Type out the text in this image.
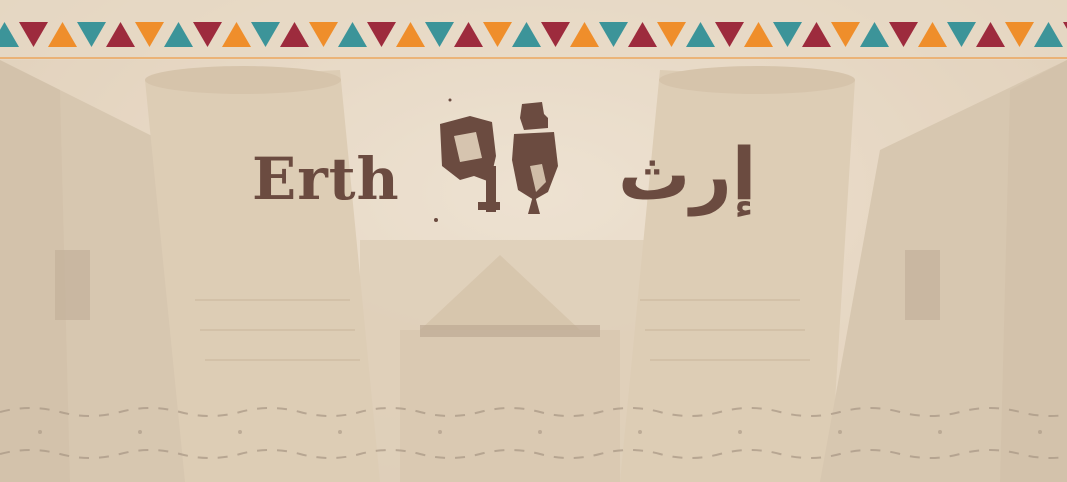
Erth	إرث
